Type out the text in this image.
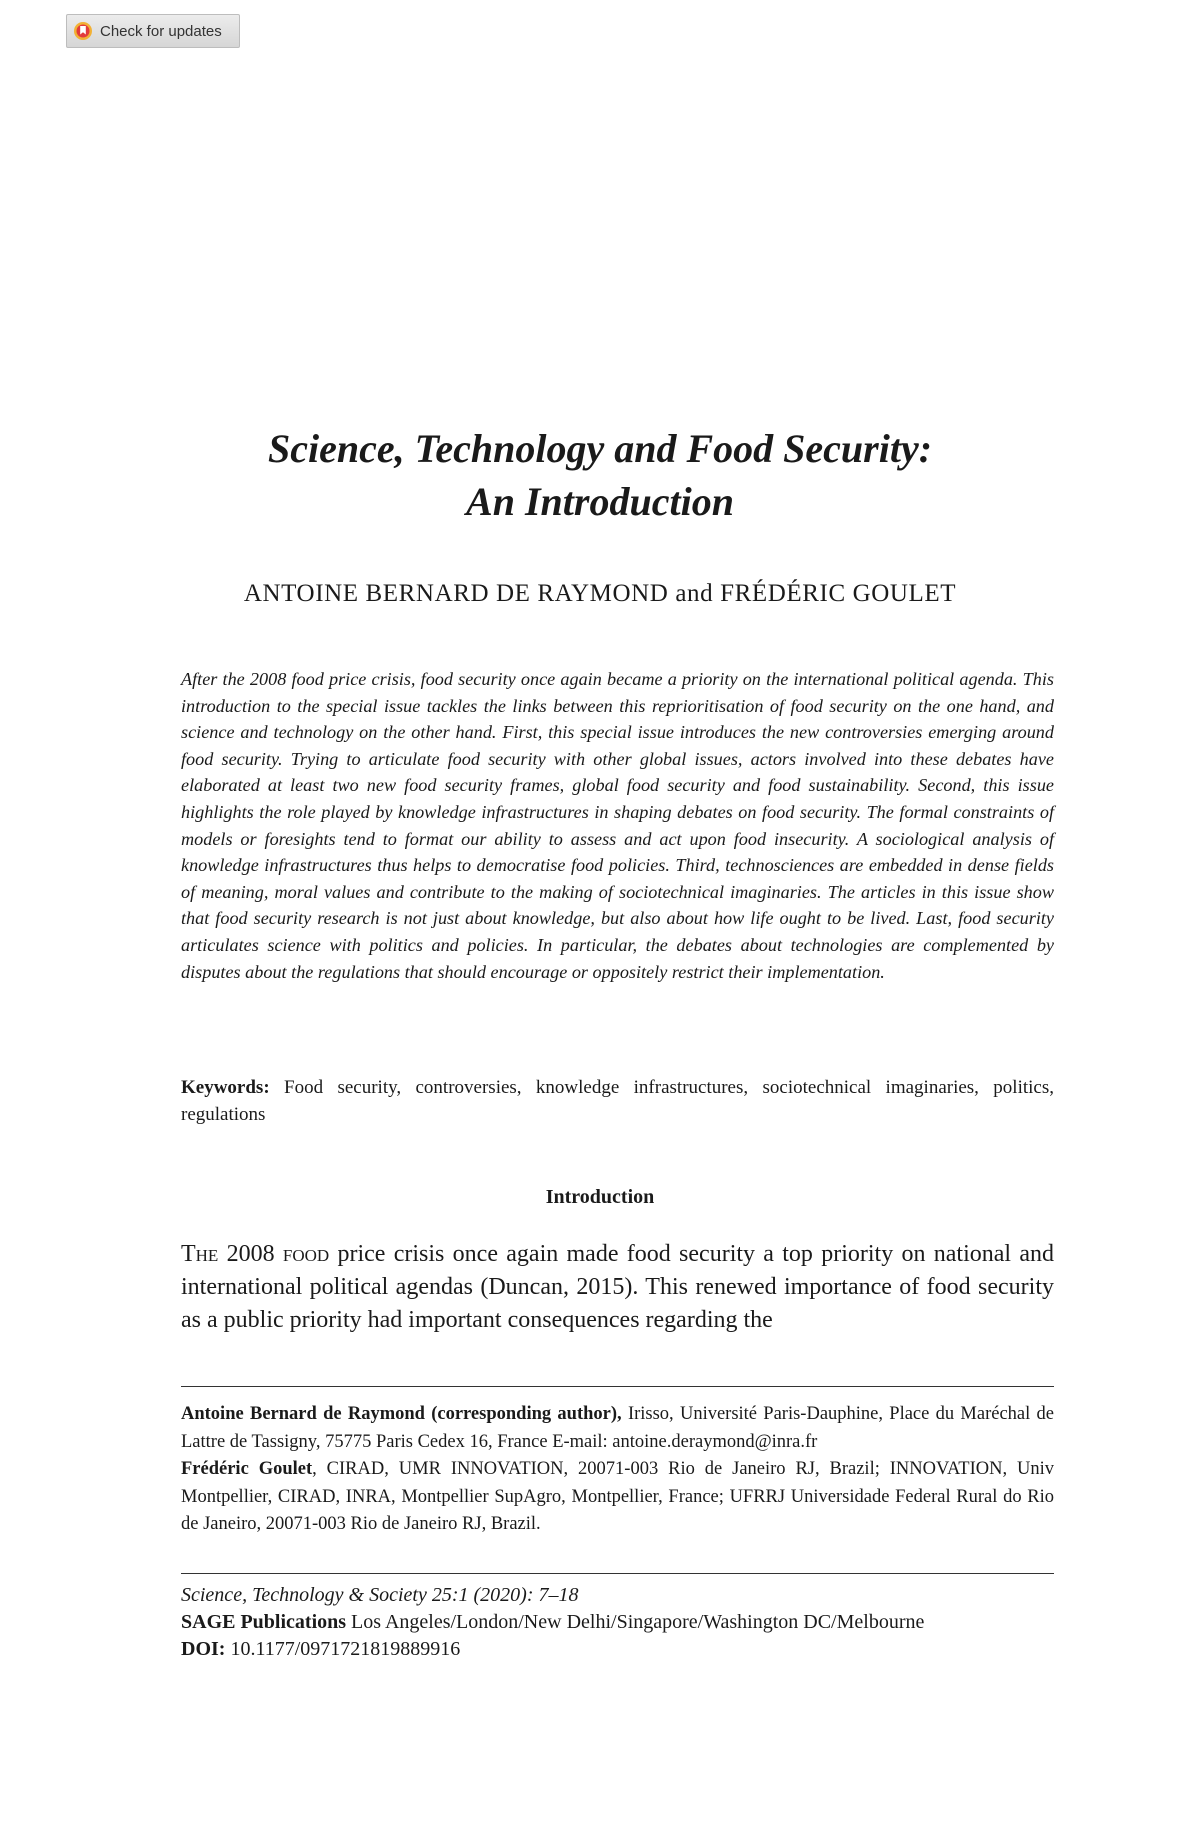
Check for updates
Science, Technology and Food Security:
An Introduction

ANTOINE BERNARD DE RAYMOND and FRÉDÉRIC GOULET

After the 2008 food price crisis, food security once again became a priority on the international political agenda. This introduction to the special issue tackles the links between this reprioritisation of food security on the one hand, and science and technology on the other hand. First, this special issue introduces the new controversies emerging around food security. Trying to articulate food security with other global issues, actors involved into these debates have elaborated at least two new food security frames, global food security and food sustainability. Second, this issue highlights the role played by knowledge infrastructures in shaping debates on food security. The formal constraints of models or foresights tend to format our ability to assess and act upon food insecurity. A sociological analysis of knowledge infrastructures thus helps to democratise food policies. Third, technosciences are embedded in dense fields of meaning, moral values and contribute to the making of sociotechnical imaginaries. The articles in this issue show that food security research is not just about knowledge, but also about how life ought to be lived. Last, food security articulates science with politics and policies. In particular, the debates about technologies are complemented by disputes about the regulations that should encourage or oppositely restrict their implementation.

Keywords: Food security, controversies, knowledge infrastructures, sociotechnical imaginaries, politics, regulations

Introduction

The 2008 food price crisis once again made food security a top priority on national and international political agendas (Duncan, 2015). This renewed importance of food security as a public priority had important consequences regarding the

Antoine Bernard de Raymond (corresponding author), Irisso, Université Paris-Dauphine, Place du Maréchal de Lattre de Tassigny, 75775 Paris Cedex 16, France E-mail: antoine.deraymond@inra.fr

Frédéric Goulet, CIRAD, UMR INNOVATION, 20071-003 Rio de Janeiro RJ, Brazil; INNOVATION, Univ Montpellier, CIRAD, INRA, Montpellier SupAgro, Montpellier, France; UFRRJ Universidade Federal Rural do Rio de Janeiro, 20071-003 Rio de Janeiro RJ, Brazil.

Science, Technology & Society 25:1 (2020): 7–18
SAGE Publications Los Angeles/London/New Delhi/Singapore/Washington DC/Melbourne
DOI: 10.1177/0971721819889916
